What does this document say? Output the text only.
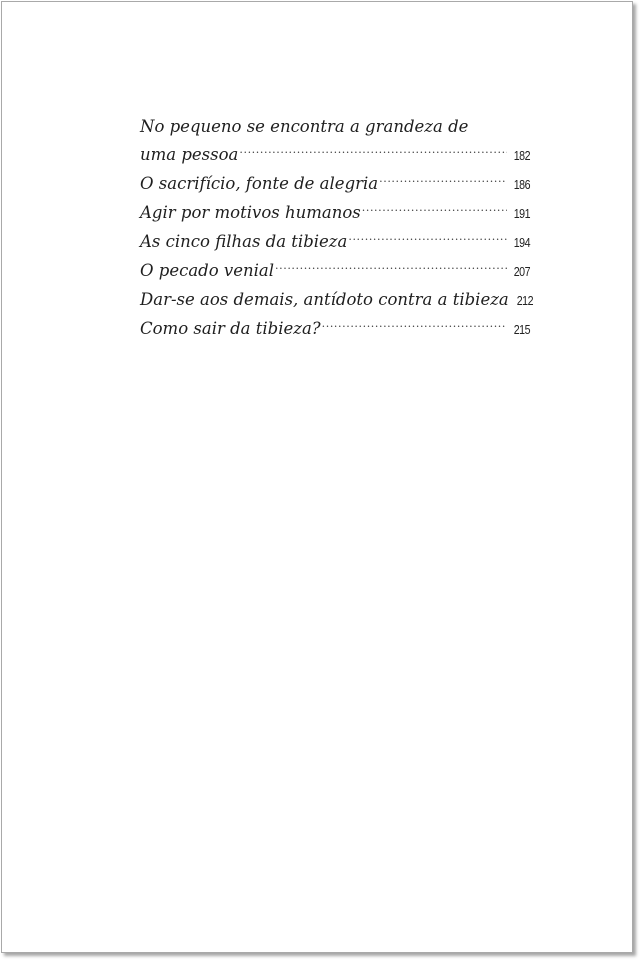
No pequeno se encontra a grandeza de
uma pessoa .....	182
O sacrifício, fonte de alegria .....	186
Agir por motivos humanos .....	191
As cinco filhas da tibieza .....	194
O pecado venial .....	207
Dar-se aos demais, antídoto contra a tibieza 212
Como sair da tibieza? .....	215
